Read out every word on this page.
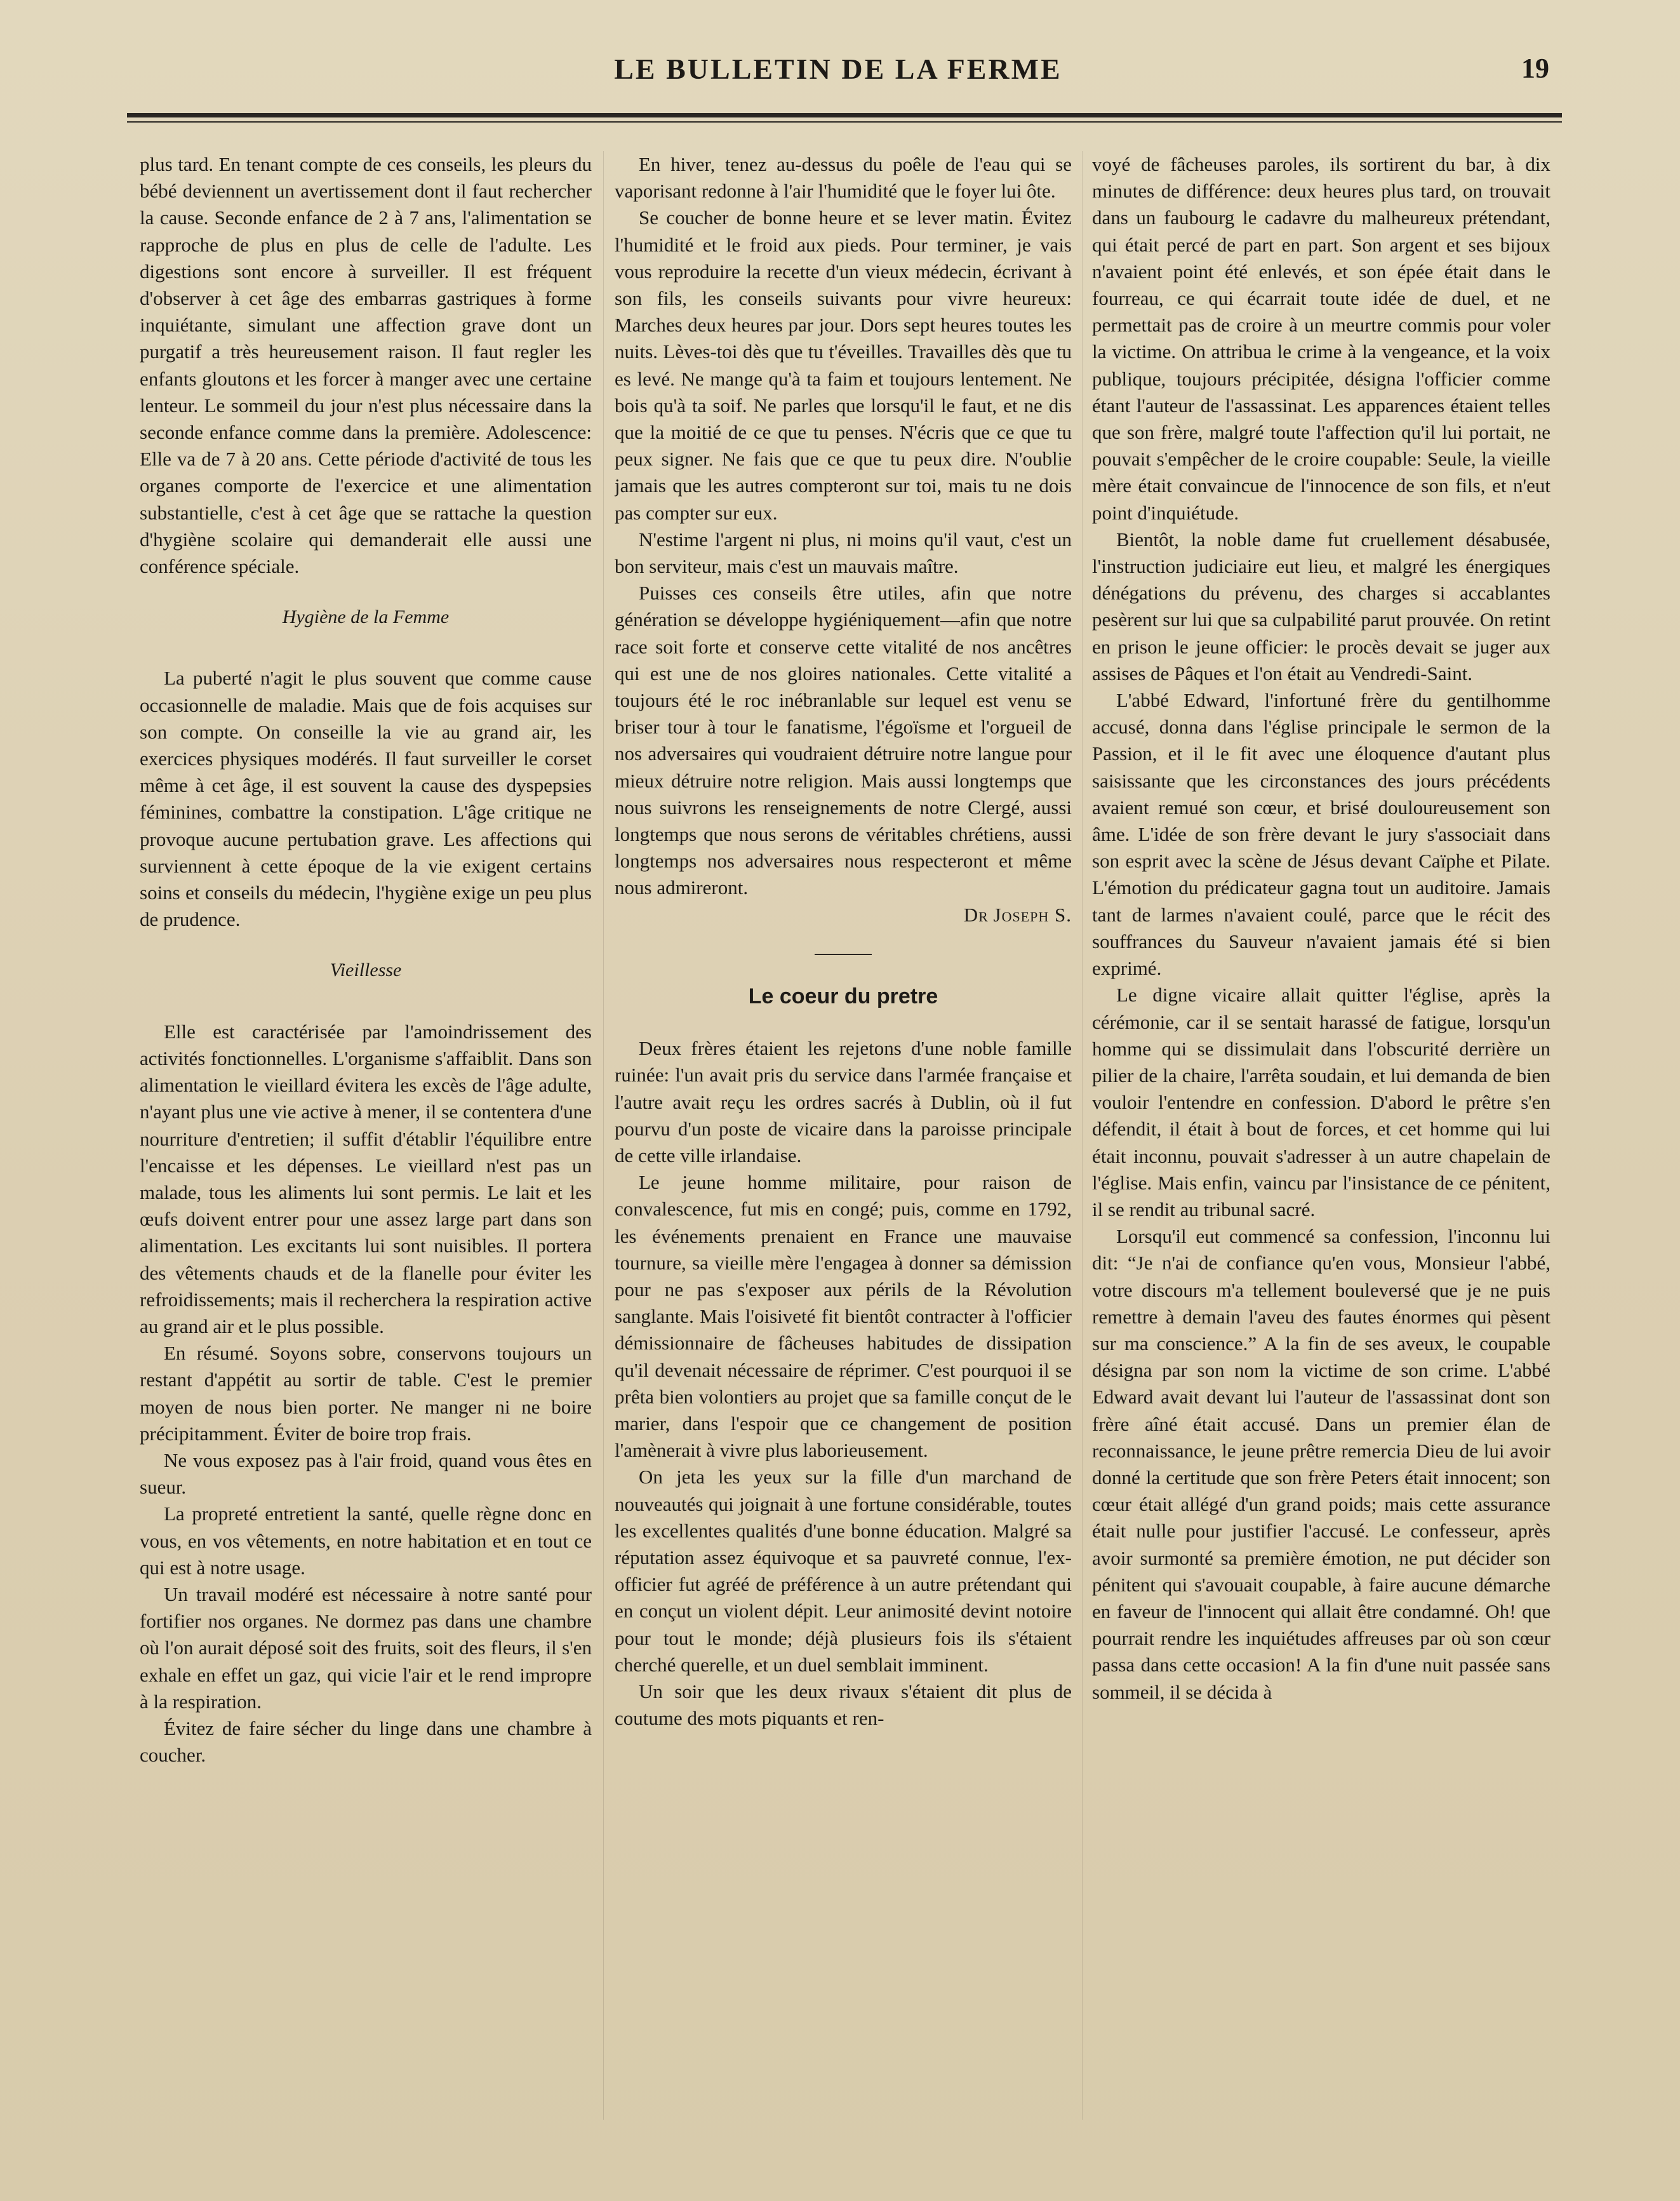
LE BULLETIN DE LA FERME	19

plus tard. En tenant compte de ces conseils, les pleurs du bébé deviennent un avertissement dont il faut rechercher la cause. Seconde enfance de 2 à 7 ans, l'alimentation se rapproche de plus en plus de celle de l'adulte. Les digestions sont encore à surveiller. Il est fréquent d'observer à cet âge des embarras gastriques à forme inquiétante, simulant une affection grave dont un purgatif a très heureusement raison. Il faut regler les enfants gloutons et les forcer à manger avec une certaine lenteur. Le sommeil du jour n'est plus nécessaire dans la seconde enfance comme dans la première. Adolescence: Elle va de 7 à 20 ans. Cette période d'activité de tous les organes comporte de l'exercice et une alimentation substantielle, c'est à cet âge que se rattache la question d'hygiène scolaire qui demanderait elle aussi une conférence spéciale.

Hygiène de la Femme

La puberté n'agit le plus souvent que comme cause occasionnelle de maladie. Mais que de fois acquises sur son compte. On conseille la vie au grand air, les exercices physiques modérés. Il faut surveiller le corset même à cet âge, il est souvent la cause des dyspepsies féminines, combattre la constipation. L'âge critique ne provoque aucune pertubation grave. Les affections qui surviennent à cette époque de la vie exigent certains soins et conseils du médecin, l'hygiène exige un peu plus de prudence.

Vieillesse

Elle est caractérisée par l'amoindrissement des activités fonctionnelles. L'organisme s'affaiblit. Dans son alimentation le vieillard évitera les excès de l'âge adulte, n'ayant plus une vie active à mener, il se contentera d'une nourriture d'entretien; il suffit d'établir l'équilibre entre l'encaisse et les dépenses. Le vieillard n'est pas un malade, tous les aliments lui sont permis. Le lait et les œufs doivent entrer pour une assez large part dans son alimentation. Les excitants lui sont nuisibles. Il portera des vêtements chauds et de la flanelle pour éviter les refroidissements; mais il recherchera la respiration active au grand air et le plus possible.

En résumé. Soyons sobre, conservons toujours un restant d'appétit au sortir de table. C'est le premier moyen de nous bien porter. Ne manger ni ne boire précipitamment. Éviter de boire trop frais.

Ne vous exposez pas à l'air froid, quand vous êtes en sueur.

La propreté entretient la santé, quelle règne donc en vous, en vos vêtements, en notre habitation et en tout ce qui est à notre usage.

Un travail modéré est nécessaire à notre santé pour fortifier nos organes. Ne dormez pas dans une chambre où l'on aurait déposé soit des fruits, soit des fleurs, il s'en exhale en effet un gaz, qui vicie l'air et le rend impropre à la respiration.

Évitez de faire sécher du linge dans une chambre à coucher.

En hiver, tenez au-dessus du poêle de l'eau qui se vaporisant redonne à l'air l'humidité que le foyer lui ôte.

Se coucher de bonne heure et se lever matin. Évitez l'humidité et le froid aux pieds. Pour terminer, je vais vous reproduire la recette d'un vieux médecin, écrivant à son fils, les conseils suivants pour vivre heureux: Marches deux heures par jour. Dors sept heures toutes les nuits. Lèves-toi dès que tu t'éveilles. Travailles dès que tu es levé. Ne mange qu'à ta faim et toujours lentement. Ne bois qu'à ta soif. Ne parles que lorsqu'il le faut, et ne dis que la moitié de ce que tu penses. N'écris que ce que tu peux signer. Ne fais que ce que tu peux dire. N'oublie jamais que les autres compteront sur toi, mais tu ne dois pas compter sur eux.

N'estime l'argent ni plus, ni moins qu'il vaut, c'est un bon serviteur, mais c'est un mauvais maître.

Puisses ces conseils être utiles, afin que notre génération se développe hygiéniquement—afin que notre race soit forte et conserve cette vitalité de nos ancêtres qui est une de nos gloires nationales. Cette vitalité a toujours été le roc inébranlable sur lequel est venu se briser tour à tour le fanatisme, l'égoïsme et l'orgueil de nos adversaires qui voudraient détruire notre langue pour mieux détruire notre religion. Mais aussi longtemps que nous suivrons les renseignements de notre Clergé, aussi longtemps que nous serons de véritables chrétiens, aussi longtemps nos adversaires nous respecteront et même nous admireront.

Dr Joseph S.
Le coeur du pretre

Deux frères étaient les rejetons d'une noble famille ruinée: l'un avait pris du service dans l'armée française et l'autre avait reçu les ordres sacrés à Dublin, où il fut pourvu d'un poste de vicaire dans la paroisse principale de cette ville irlandaise.

Le jeune homme militaire, pour raison de convalescence, fut mis en congé; puis, comme en 1792, les événements prenaient en France une mauvaise tournure, sa vieille mère l'engagea à donner sa démission pour ne pas s'exposer aux périls de la Révolution sanglante. Mais l'oisiveté fit bientôt contracter à l'officier démissionnaire de fâcheuses habitudes de dissipation qu'il devenait nécessaire de réprimer. C'est pourquoi il se prêta bien volontiers au projet que sa famille conçut de le marier, dans l'espoir que ce changement de position l'amènerait à vivre plus laborieusement.

On jeta les yeux sur la fille d'un marchand de nouveautés qui joignait à une fortune considérable, toutes les excellentes qualités d'une bonne éducation. Malgré sa réputation assez équivoque et sa pauvreté connue, l'ex-officier fut agréé de préférence à un autre prétendant qui en conçut un violent dépit. Leur animosité devint notoire pour tout le monde; déjà plusieurs fois ils s'étaient cherché querelle, et un duel semblait imminent.

Un soir que les deux rivaux s'étaient dit plus de coutume des mots piquants et ren-

voyé de fâcheuses paroles, ils sortirent du bar, à dix minutes de différence: deux heures plus tard, on trouvait dans un faubourg le cadavre du malheureux prétendant, qui était percé de part en part. Son argent et ses bijoux n'avaient point été enlevés, et son épée était dans le fourreau, ce qui écarrait toute idée de duel, et ne permettait pas de croire à un meurtre commis pour voler la victime. On attribua le crime à la vengeance, et la voix publique, toujours précipitée, désigna l'officier comme étant l'auteur de l'assassinat. Les apparences étaient telles que son frère, malgré toute l'affection qu'il lui portait, ne pouvait s'empêcher de le croire coupable: Seule, la vieille mère était convaincue de l'innocence de son fils, et n'eut point d'inquiétude.

Bientôt, la noble dame fut cruellement désabusée, l'instruction judiciaire eut lieu, et malgré les énergiques dénégations du prévenu, des charges si accablantes pesèrent sur lui que sa culpabilité parut prouvée. On retint en prison le jeune officier: le procès devait se juger aux assises de Pâques et l'on était au Vendredi-Saint.

L'abbé Edward, l'infortuné frère du gentilhomme accusé, donna dans l'église principale le sermon de la Passion, et il le fit avec une éloquence d'autant plus saisissante que les circonstances des jours précédents avaient remué son cœur, et brisé douloureusement son âme. L'idée de son frère devant le jury s'associait dans son esprit avec la scène de Jésus devant Caïphe et Pilate. L'émotion du prédicateur gagna tout un auditoire. Jamais tant de larmes n'avaient coulé, parce que le récit des souffrances du Sauveur n'avaient jamais été si bien exprimé.

Le digne vicaire allait quitter l'église, après la cérémonie, car il se sentait harassé de fatigue, lorsqu'un homme qui se dissimulait dans l'obscurité derrière un pilier de la chaire, l'arrêta soudain, et lui demanda de bien vouloir l'entendre en confession. D'abord le prêtre s'en défendit, il était à bout de forces, et cet homme qui lui était inconnu, pouvait s'adresser à un autre chapelain de l'église. Mais enfin, vaincu par l'insistance de ce pénitent, il se rendit au tribunal sacré.

Lorsqu'il eut commencé sa confession, l'inconnu lui dit: “Je n'ai de confiance qu'en vous, Monsieur l'abbé, votre discours m'a tellement bouleversé que je ne puis remettre à demain l'aveu des fautes énormes qui pèsent sur ma conscience.” A la fin de ses aveux, le coupable désigna par son nom la victime de son crime. L'abbé Edward avait devant lui l'auteur de l'assassinat dont son frère aîné était accusé. Dans un premier élan de reconnaissance, le jeune prêtre remercia Dieu de lui avoir donné la certitude que son frère Peters était innocent; son cœur était allégé d'un grand poids; mais cette assurance était nulle pour justifier l'accusé. Le confesseur, après avoir surmonté sa première émotion, ne put décider son pénitent qui s'avouait coupable, à faire aucune démarche en faveur de l'innocent qui allait être condamné. Oh! que pourrait rendre les inquiétudes affreuses par où son cœur passa dans cette occasion! A la fin d'une nuit passée sans sommeil, il se décida à
